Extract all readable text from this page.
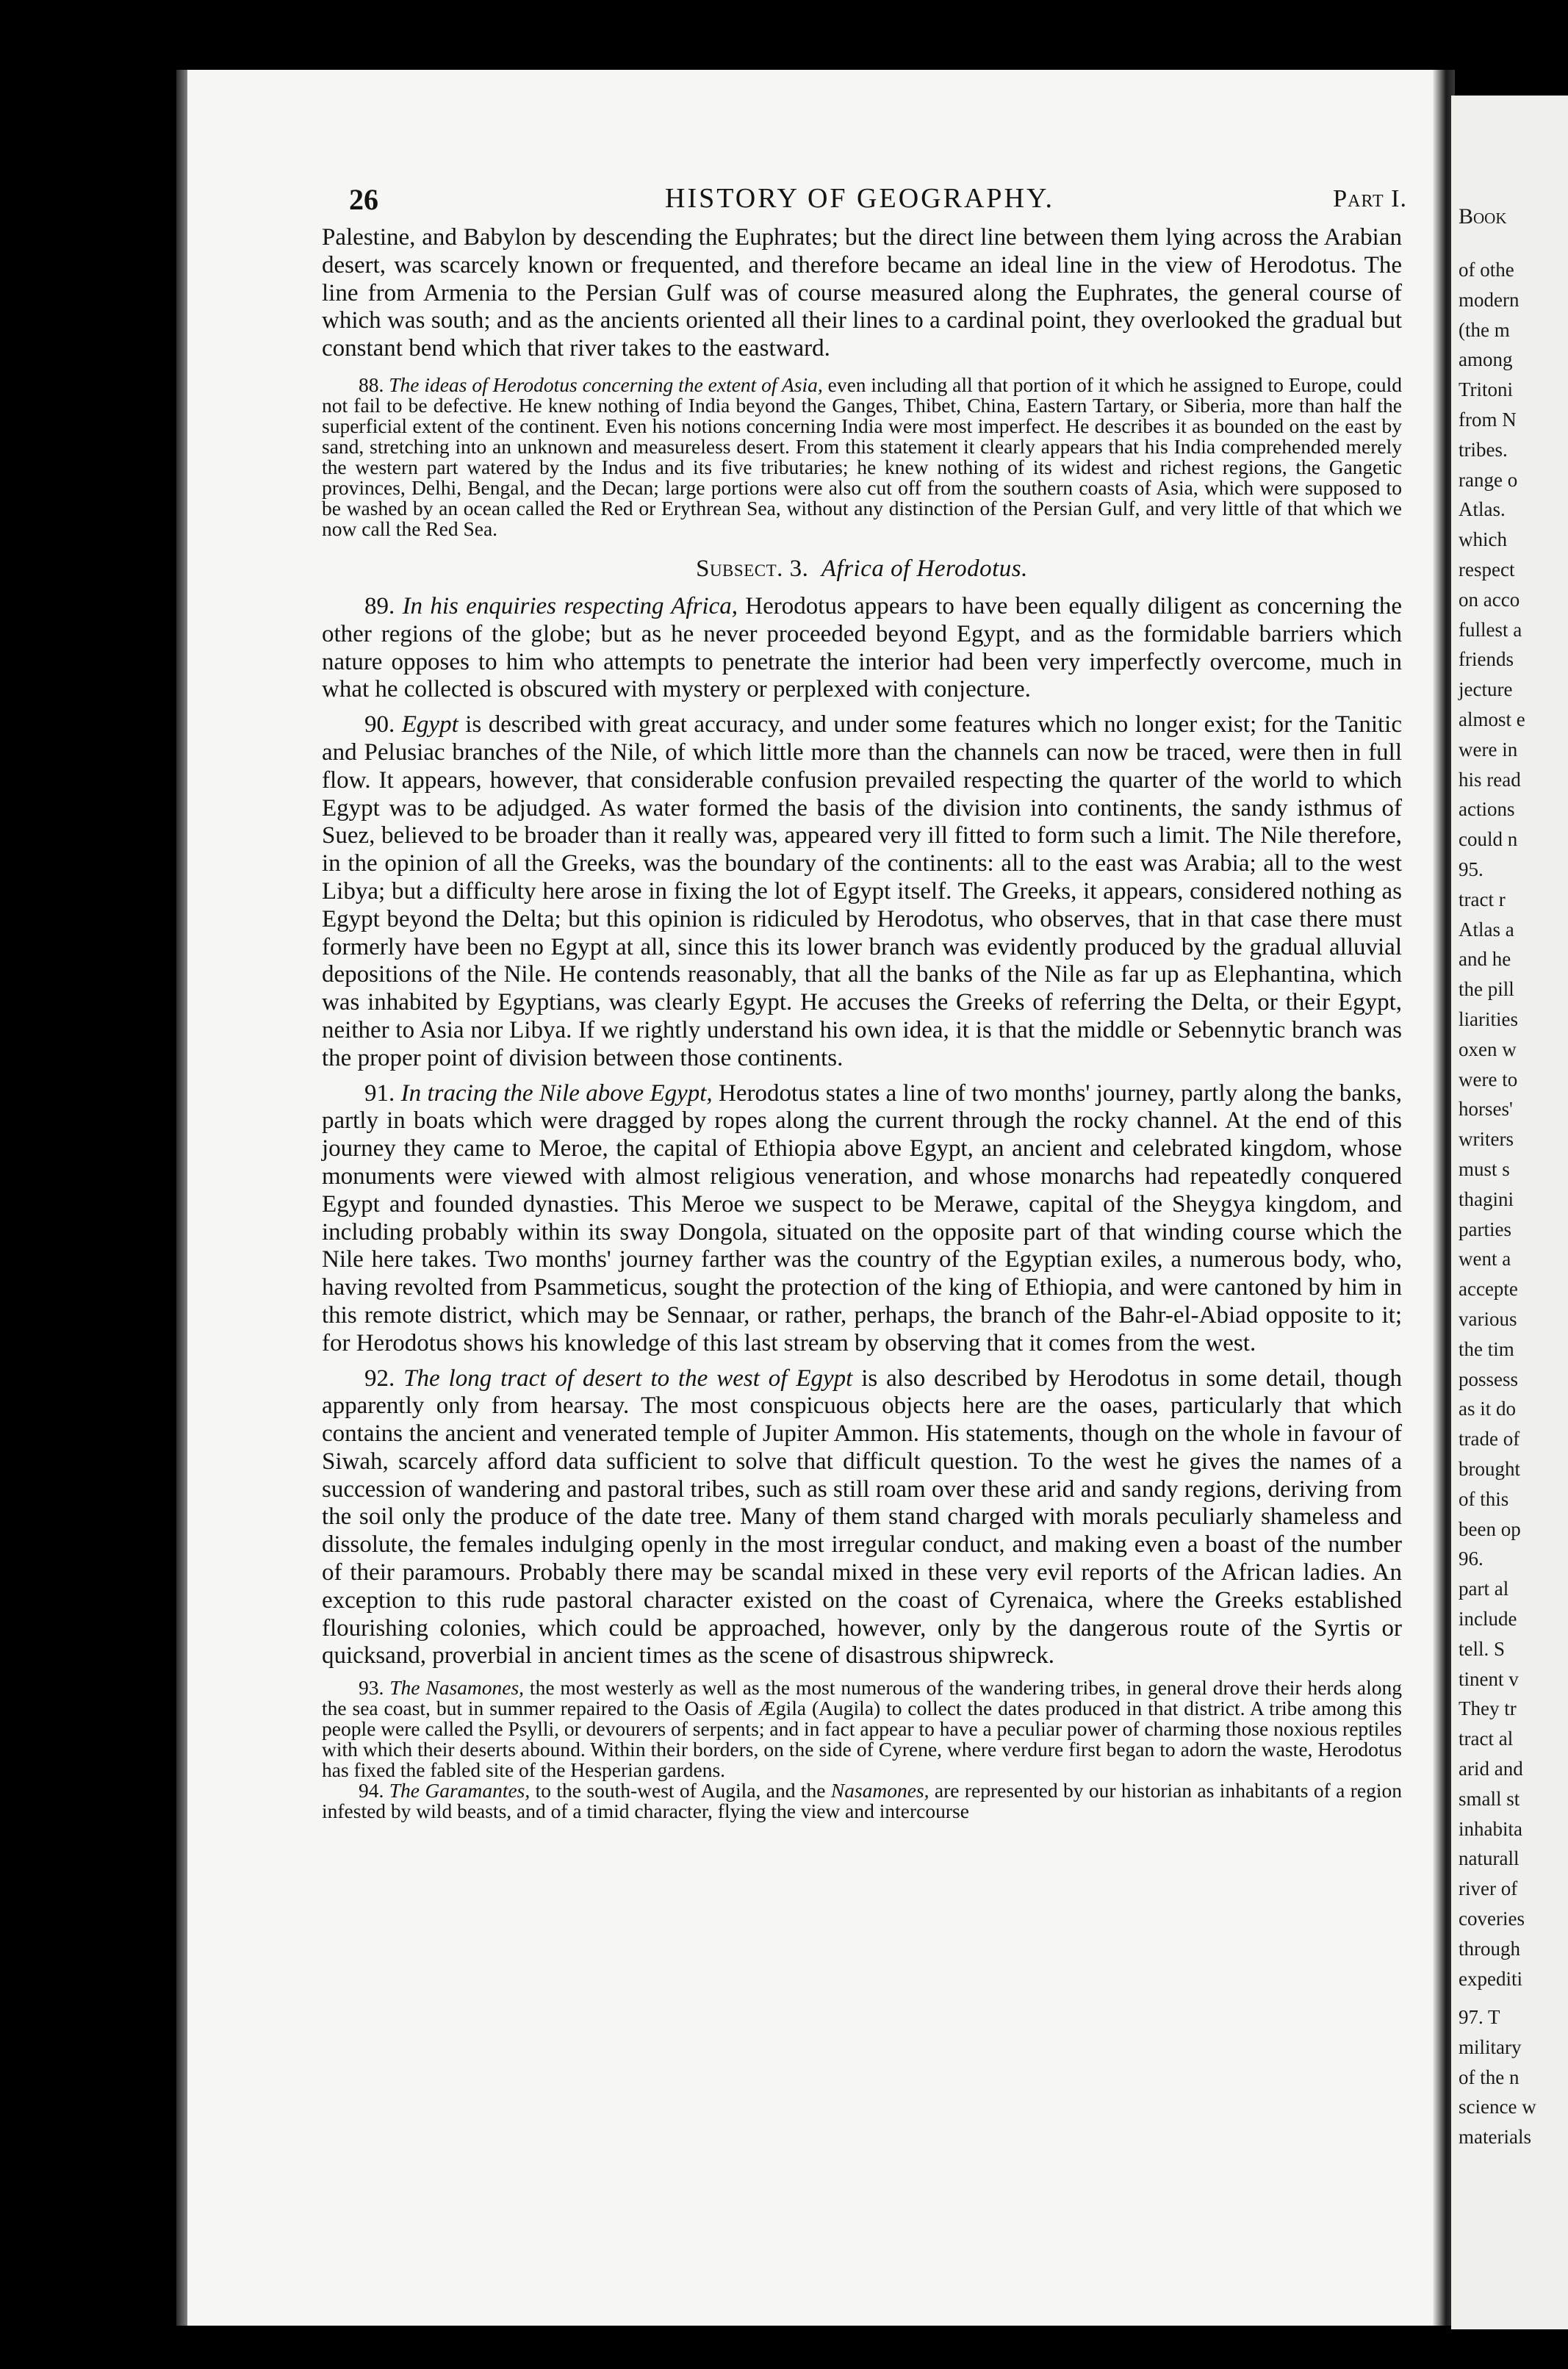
26	HISTORY OF GEOGRAPHY.	Part I.

Palestine, and Babylon by descending the Euphrates; but the direct line between them lying across the Arabian desert, was scarcely known or frequented, and therefore became an ideal line in the view of Herodotus. The line from Armenia to the Persian Gulf was of course measured along the Euphrates, the general course of which was south; and as the ancients oriented all their lines to a cardinal point, they overlooked the gradual but constant bend which that river takes to the eastward.

88. The ideas of Herodotus concerning the extent of Asia, even including all that portion of it which he assigned to Europe, could not fail to be defective. He knew nothing of India beyond the Ganges, Thibet, China, Eastern Tartary, or Siberia, more than half the superficial extent of the continent. Even his notions concerning India were most imperfect. He describes it as bounded on the east by sand, stretching into an unknown and measureless desert. From this statement it clearly appears that his India comprehended merely the western part watered by the Indus and its five tributaries; he knew nothing of its widest and richest regions, the Gangetic provinces, Delhi, Bengal, and the Decan; large portions were also cut off from the southern coasts of Asia, which were supposed to be washed by an ocean called the Red or Erythrean Sea, without any distinction of the Persian Gulf, and very little of that which we now call the Red Sea.

Subsect. 3. Africa of Herodotus.

89. In his enquiries respecting Africa, Herodotus appears to have been equally diligent as concerning the other regions of the globe; but as he never proceeded beyond Egypt, and as the formidable barriers which nature opposes to him who attempts to penetrate the interior had been very imperfectly overcome, much in what he collected is obscured with mystery or perplexed with conjecture.

90. Egypt is described with great accuracy, and under some features which no longer exist; for the Tanitic and Pelusiac branches of the Nile, of which little more than the channels can now be traced, were then in full flow. It appears, however, that considerable confusion prevailed respecting the quarter of the world to which Egypt was to be adjudged. As water formed the basis of the division into continents, the sandy isthmus of Suez, believed to be broader than it really was, appeared very ill fitted to form such a limit. The Nile therefore, in the opinion of all the Greeks, was the boundary of the continents: all to the east was Arabia; all to the west Libya; but a difficulty here arose in fixing the lot of Egypt itself. The Greeks, it appears, considered nothing as Egypt beyond the Delta; but this opinion is ridiculed by Herodotus, who observes, that in that case there must formerly have been no Egypt at all, since this its lower branch was evidently produced by the gradual alluvial depositions of the Nile. He contends reasonably, that all the banks of the Nile as far up as Elephantina, which was inhabited by Egyptians, was clearly Egypt. He accuses the Greeks of referring the Delta, or their Egypt, neither to Asia nor Libya. If we rightly understand his own idea, it is that the middle or Sebennytic branch was the proper point of division between those continents.

91. In tracing the Nile above Egypt, Herodotus states a line of two months' journey, partly along the banks, partly in boats which were dragged by ropes along the current through the rocky channel. At the end of this journey they came to Meroe, the capital of Ethiopia above Egypt, an ancient and celebrated kingdom, whose monuments were viewed with almost religious veneration, and whose monarchs had repeatedly conquered Egypt and founded dynasties. This Meroe we suspect to be Merawe, capital of the Sheygya kingdom, and including probably within its sway Dongola, situated on the opposite part of that winding course which the Nile here takes. Two months' journey farther was the country of the Egyptian exiles, a numerous body, who, having revolted from Psammeticus, sought the protection of the king of Ethiopia, and were cantoned by him in this remote district, which may be Sennaar, or rather, perhaps, the branch of the Bahr-el-Abiad opposite to it; for Herodotus shows his knowledge of this last stream by observing that it comes from the west.

92. The long tract of desert to the west of Egypt is also described by Herodotus in some detail, though apparently only from hearsay. The most conspicuous objects here are the oases, particularly that which contains the ancient and venerated temple of Jupiter Ammon. His statements, though on the whole in favour of Siwah, scarcely afford data sufficient to solve that difficult question. To the west he gives the names of a succession of wandering and pastoral tribes, such as still roam over these arid and sandy regions, deriving from the soil only the produce of the date tree. Many of them stand charged with morals peculiarly shameless and dissolute, the females indulging openly in the most irregular conduct, and making even a boast of the number of their paramours. Probably there may be scandal mixed in these very evil reports of the African ladies. An exception to this rude pastoral character existed on the coast of Cyrenaica, where the Greeks established flourishing colonies, which could be approached, however, only by the dangerous route of the Syrtis or quicksand, proverbial in ancient times as the scene of disastrous shipwreck.

93. The Nasamones, the most westerly as well as the most numerous of the wandering tribes, in general drove their herds along the sea coast, but in summer repaired to the Oasis of Ægila (Augila) to collect the dates produced in that district. A tribe among this people were called the Psylli, or devourers of serpents; and in fact appear to have a peculiar power of charming those noxious reptiles with which their deserts abound. Within their borders, on the side of Cyrene, where verdure first began to adorn the waste, Herodotus has fixed the fabled site of the Hesperian gardens.

94. The Garamantes, to the south-west of Augila, and the Nasamones, are represented by our historian as inhabitants of a region infested by wild beasts, and of a timid character, flying the view and intercourse

Book
of othe
modern
(the m
among
Tritoni
from N
tribes.
range o
Atlas.
which
respect
on acco
fullest a
friends
jecture
almost e
were in
his read
actions
could n
95.
tract r
Atlas a
and he
the pill
liarities
oxen w
were to
horses'
writers
must s
thagini
parties
went a
accepte
various
the tim
possess
as it do
trade of
brought
of this
been op
96.
part al
include
tell. S
tinent v
They tr
tract al
arid and
small st
inhabita
naturall
river of
coveries
through
expediti
97. T
military
of the n
science w
materials
